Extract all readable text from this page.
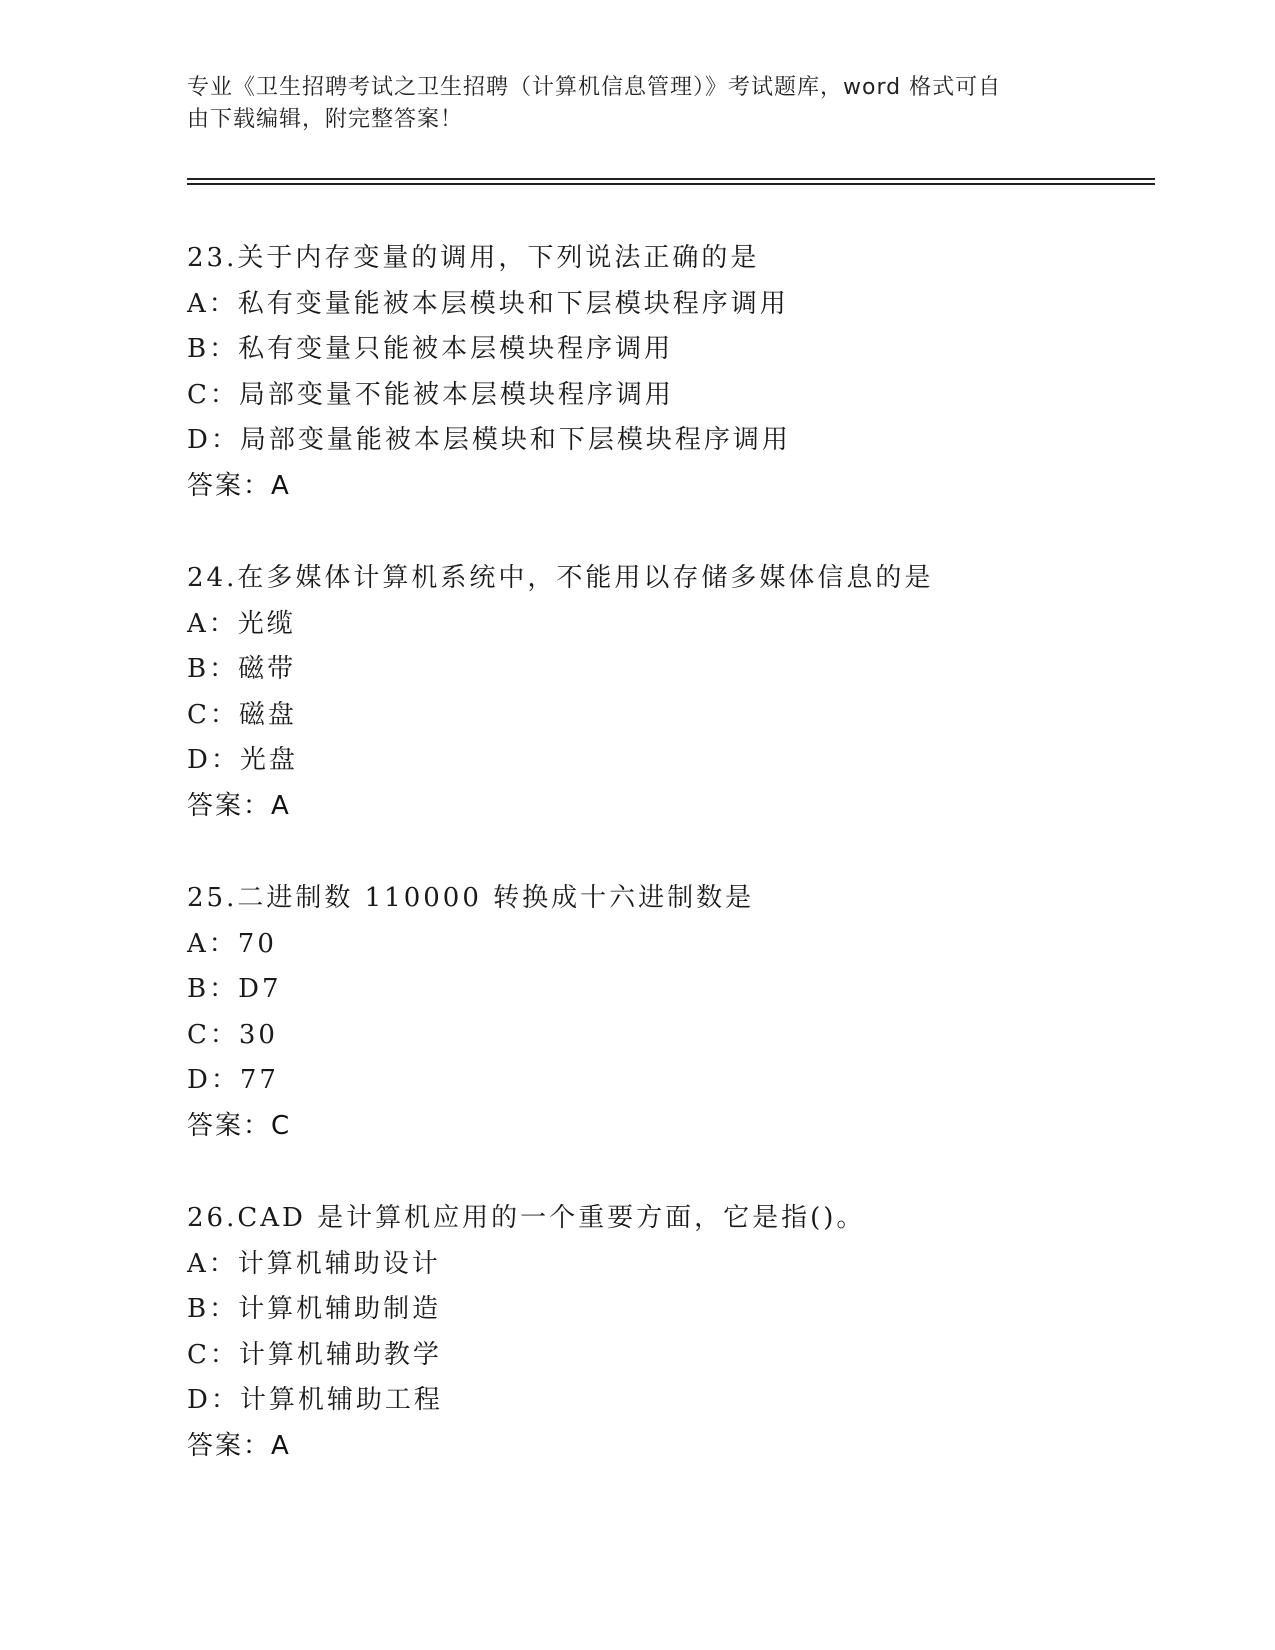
专业《卫生招聘考试之卫生招聘（计算机信息管理）》考试题库，word 格式可自
由下载编辑，附完整答案！
23.关于内存变量的调用，下列说法正确的是
A：私有变量能被本层模块和下层模块程序调用
B：私有变量只能被本层模块程序调用
C：局部变量不能被本层模块程序调用
D：局部变量能被本层模块和下层模块程序调用
答案：A
24.在多媒体计算机系统中，不能用以存储多媒体信息的是
A：光缆
B：磁带
C：磁盘
D：光盘
答案：A
25.二进制数 110000 转换成十六进制数是
A：70
B：D7
C：30
D：77
答案：C
26.CAD 是计算机应用的一个重要方面，它是指()。
A：计算机辅助设计
B：计算机辅助制造
C：计算机辅助教学
D：计算机辅助工程
答案：A
